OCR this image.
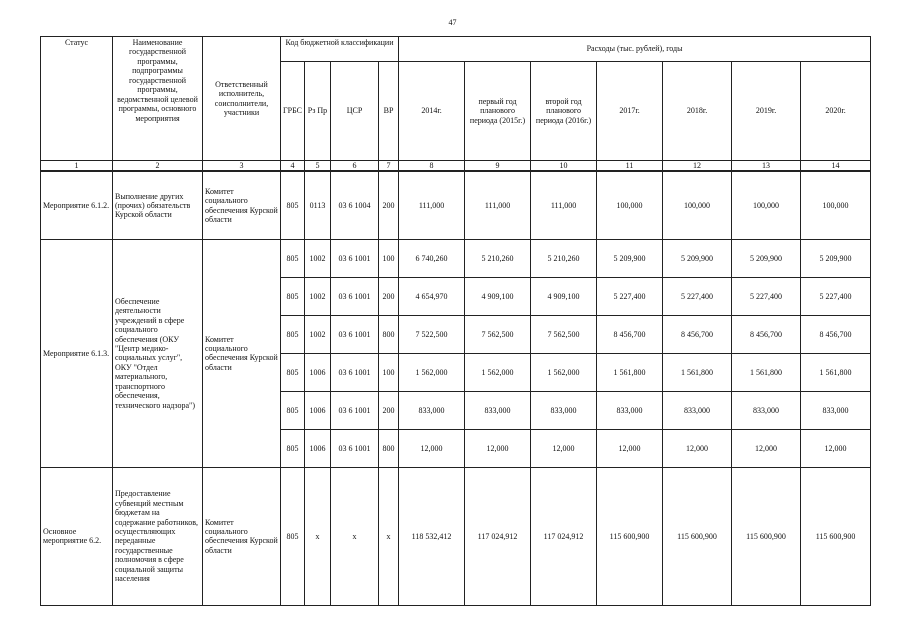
47
Статус	Наименование государственной программы, подпрограммы государственной программы, ведомственной целевой программы, основного мероприятия	Ответственный исполнитель, соисполнители, участники	Код бюджетной классификации				Расходы (тыс. рублей), годы						
			ГРБС	Рз Пр	ЦСР	ВР	2014г.	первый год планового периода (2015г.)	второй год планового периода (2016г.)	2017г.	2018г.	2019г.	2020г.
1	2	3	4	5	6	7	8	9	10	11	12	13	14
Мероприятие 6.1.2.	Выполнение других (прочих) обязательств Курской области	Комитет социального обеспечения Курской области	805	0113	03 6 1004	200	111,000	111,000	111,000	100,000	100,000	100,000	100,000
Мероприятие 6.1.3.	Обеспечение деятельности учреждений в сфере социального обеспечения (ОКУ "Центр медико-социальных услуг", ОКУ "Отдел материального, транспортного обеспечения, технического надзора")	Комитет социального обеспечения Курской области	805	1002	03 6 1001	100	6 740,260	5 210,260	5 210,260	5 209,900	5 209,900	5 209,900	5 209,900
			805	1002	03 6 1001	200	4 654,970	4 909,100	4 909,100	5 227,400	5 227,400	5 227,400	5 227,400
			805	1002	03 6 1001	800	7 522,500	7 562,500	7 562,500	8 456,700	8 456,700	8 456,700	8 456,700
			805	1006	03 6 1001	100	1 562,000	1 562,000	1 562,000	1 561,800	1 561,800	1 561,800	1 561,800
			805	1006	03 6 1001	200	833,000	833,000	833,000	833,000	833,000	833,000	833,000
			805	1006	03 6 1001	800	12,000	12,000	12,000	12,000	12,000	12,000	12,000
Основное мероприятие 6.2.	Предоставление субвенций местным бюджетам на содержание работников, осуществляющих переданные государственные полномочия в сфере социальной защиты населения	Комитет социального обеспечения Курской области	805	x	x	x	118 532,412	117 024,912	117 024,912	115 600,900	115 600,900	115 600,900	115 600,900
